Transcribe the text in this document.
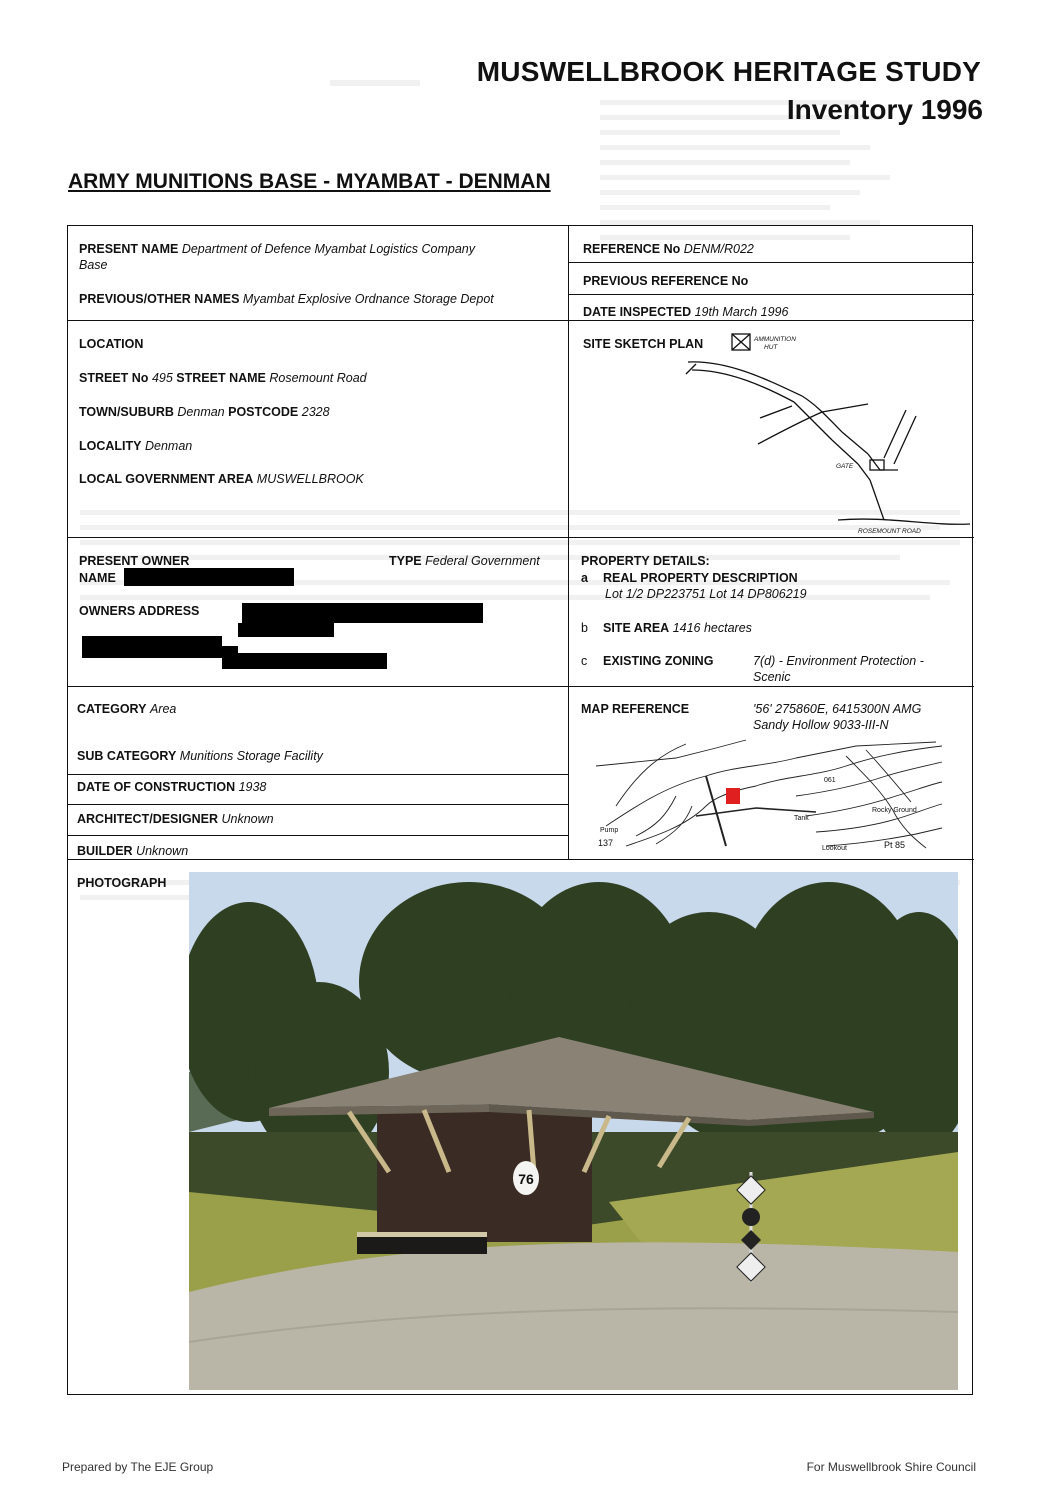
MUSWELLBROOK HERITAGE STUDY
Inventory 1996
ARMY MUNITIONS BASE - MYAMBAT - DENMAN
PRESENT NAME Department of Defence Myambat Logistics Company
Base
PREVIOUS/OTHER NAMES Myambat Explosive Ordnance Storage Depot
LOCATION
STREET No 495 STREET NAME Rosemount Road
TOWN/SUBURB Denman POSTCODE 2328
LOCALITY Denman
LOCAL GOVERNMENT AREA MUSWELLBROOK
PRESENT OWNER	TYPE Federal Government
NAME
OWNERS ADDRESS
CATEGORY Area
SUB CATEGORY Munitions Storage Facility
DATE OF CONSTRUCTION 1938
ARCHITECT/DESIGNER Unknown
BUILDER Unknown
PHOTOGRAPH
REFERENCE No DENM/R022
PREVIOUS REFERENCE No
DATE INSPECTED 19th March 1996
SITE SKETCH PLAN	AMMUNITION
HUT
GATE
ROSEMOUNT ROAD
PROPERTY DETAILS:
a REAL PROPERTY DESCRIPTION
Lot 1/2 DP223751 Lot 14 DP806219
b SITE AREA 1416 hectares
c EXISTING ZONING	7(d) - Environment Protection -
Scenic
MAP REFERENCE	'56' 275860E, 6415300N AMG
Sandy Hollow 9033-III-N
Rocky Ground
Tank
Pump
Lookout
137	Pt 85
061
76
Prepared by The EJE Group	For Muswellbrook Shire Council
